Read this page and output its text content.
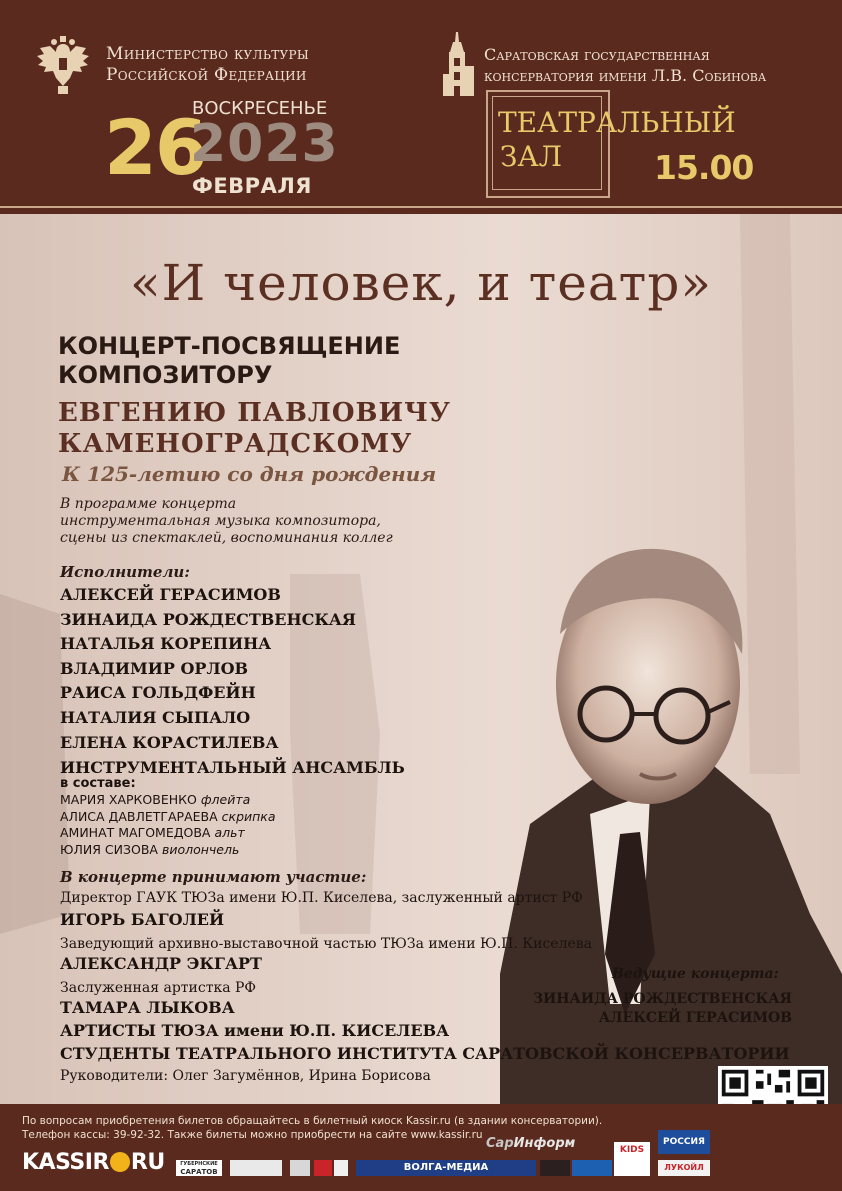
Министерство культуры
Российской Федерации
Саратовская государственная
консерватория имени Л.В. Собинова
26
ВОСКРЕСЕНЬЕ
2023
ФЕВРАЛЯ
ТЕАТРАЛЬНЫЙ
ЗАЛ	15.00
«И человек, и театр»
КОНЦЕРТ-ПОСВЯЩЕНИЕ
КОМПОЗИТОРУ
ЕВГЕНИЮ ПАВЛОВИЧУ
КАМЕНОГРАДСКОМУ
К 125-летию со дня рождения
В программе концерта
инструментальная музыка композитора,
сцены из спектаклей, воспоминания коллег
Исполнители:
АЛЕКСЕЙ ГЕРАСИМОВ
ЗИНАИДА РОЖДЕСТВЕНСКАЯ
НАТАЛЬЯ КОРЕПИНА
ВЛАДИМИР ОРЛОВ
РАИСА ГОЛЬДФЕЙН
НАТАЛИЯ СЫПАЛО
ЕЛЕНА КОРАСТИЛЕВА
ИНСТРУМЕНТАЛЬНЫЙ АНСАМБЛЬ
в составе:
МАРИЯ ХАРКОВЕНКО флейта
АЛИСА ДАВЛЕТГАРАЕВА скрипка
АМИНАТ МАГОМЕДОВА альт
ЮЛИЯ СИЗОВА виолончель
В концерте принимают участие:
Директор ГАУК ТЮЗа имени Ю.П. Киселева, заслуженный артист РФ
ИГОРЬ БАГОЛЕЙ
Заведующий архивно-выставочной частью ТЮЗа имени Ю.П. Киселева
АЛЕКСАНДР ЭКГАРТ
Заслуженная артистка РФ
ТАМАРА ЛЫКОВА
АРТИСТЫ ТЮЗА имени Ю.П. КИСЕЛЕВА
СТУДЕНТЫ ТЕАТРАЛЬНОГО ИНСТИТУТА САРАТОВСКОЙ КОНСЕРВАТОРИИ
Руководители: Олег Загумённов, Ирина Борисова
Ведущие концерта:
ЗИНАИДА РОЖДЕСТВЕНСКАЯ
АЛЕКСЕЙ ГЕРАСИМОВ
По вопросам приобретения билетов обращайтесь в билетный киоск Kassir.ru (в здании консерватории).
Телефон кассы: 39-92-32. Также билеты можно приобрести на сайте www.kassir.ru
KASSIR RU	ГУБЕРНСКИЕ
САРАТОВ
СарИнформ
ВОЛГА-МЕДИА
KIDS
РОССИЯ
ЛУКОЙЛ
